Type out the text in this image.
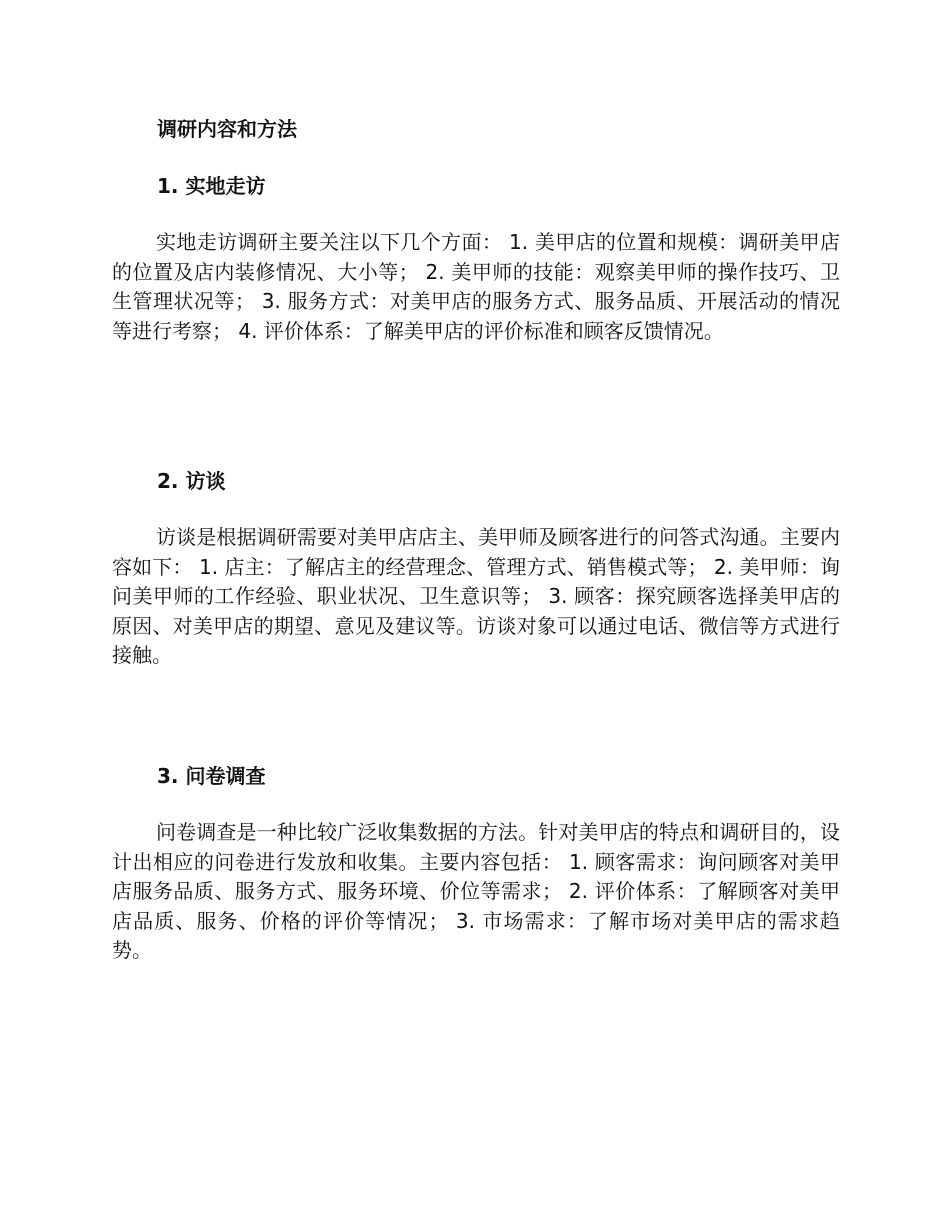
调研内容和方法
1. 实地走访

实地走访调研主要关注以下几个方面： 1. 美甲店的位置和规模：调研美甲店的位置及店内装修情况、大小等； 2. 美甲师的技能：观察美甲师的操作技巧、卫生管理状况等； 3. 服务方式：对美甲店的服务方式、服务品质、开展活动的情况等进行考察； 4. 评价体系：了解美甲店的评价标准和顾客反馈情况。

2. 访谈

访谈是根据调研需要对美甲店店主、美甲师及顾客进行的问答式沟通。主要内容如下： 1. 店主：了解店主的经营理念、管理方式、销售模式等； 2. 美甲师：询问美甲师的工作经验、职业状况、卫生意识等； 3. 顾客：探究顾客选择美甲店的原因、对美甲店的期望、意见及建议等。访谈对象可以通过电话、微信等方式进行接触。

3. 问卷调查

问卷调查是一种比较广泛收集数据的方法。针对美甲店的特点和调研目的，设计出相应的问卷进行发放和收集。主要内容包括： 1. 顾客需求：询问顾客对美甲店服务品质、服务方式、服务环境、价位等需求； 2. 评价体系：了解顾客对美甲店品质、服务、价格的评价等情况； 3. 市场需求：了解市场对美甲店的需求趋势。
